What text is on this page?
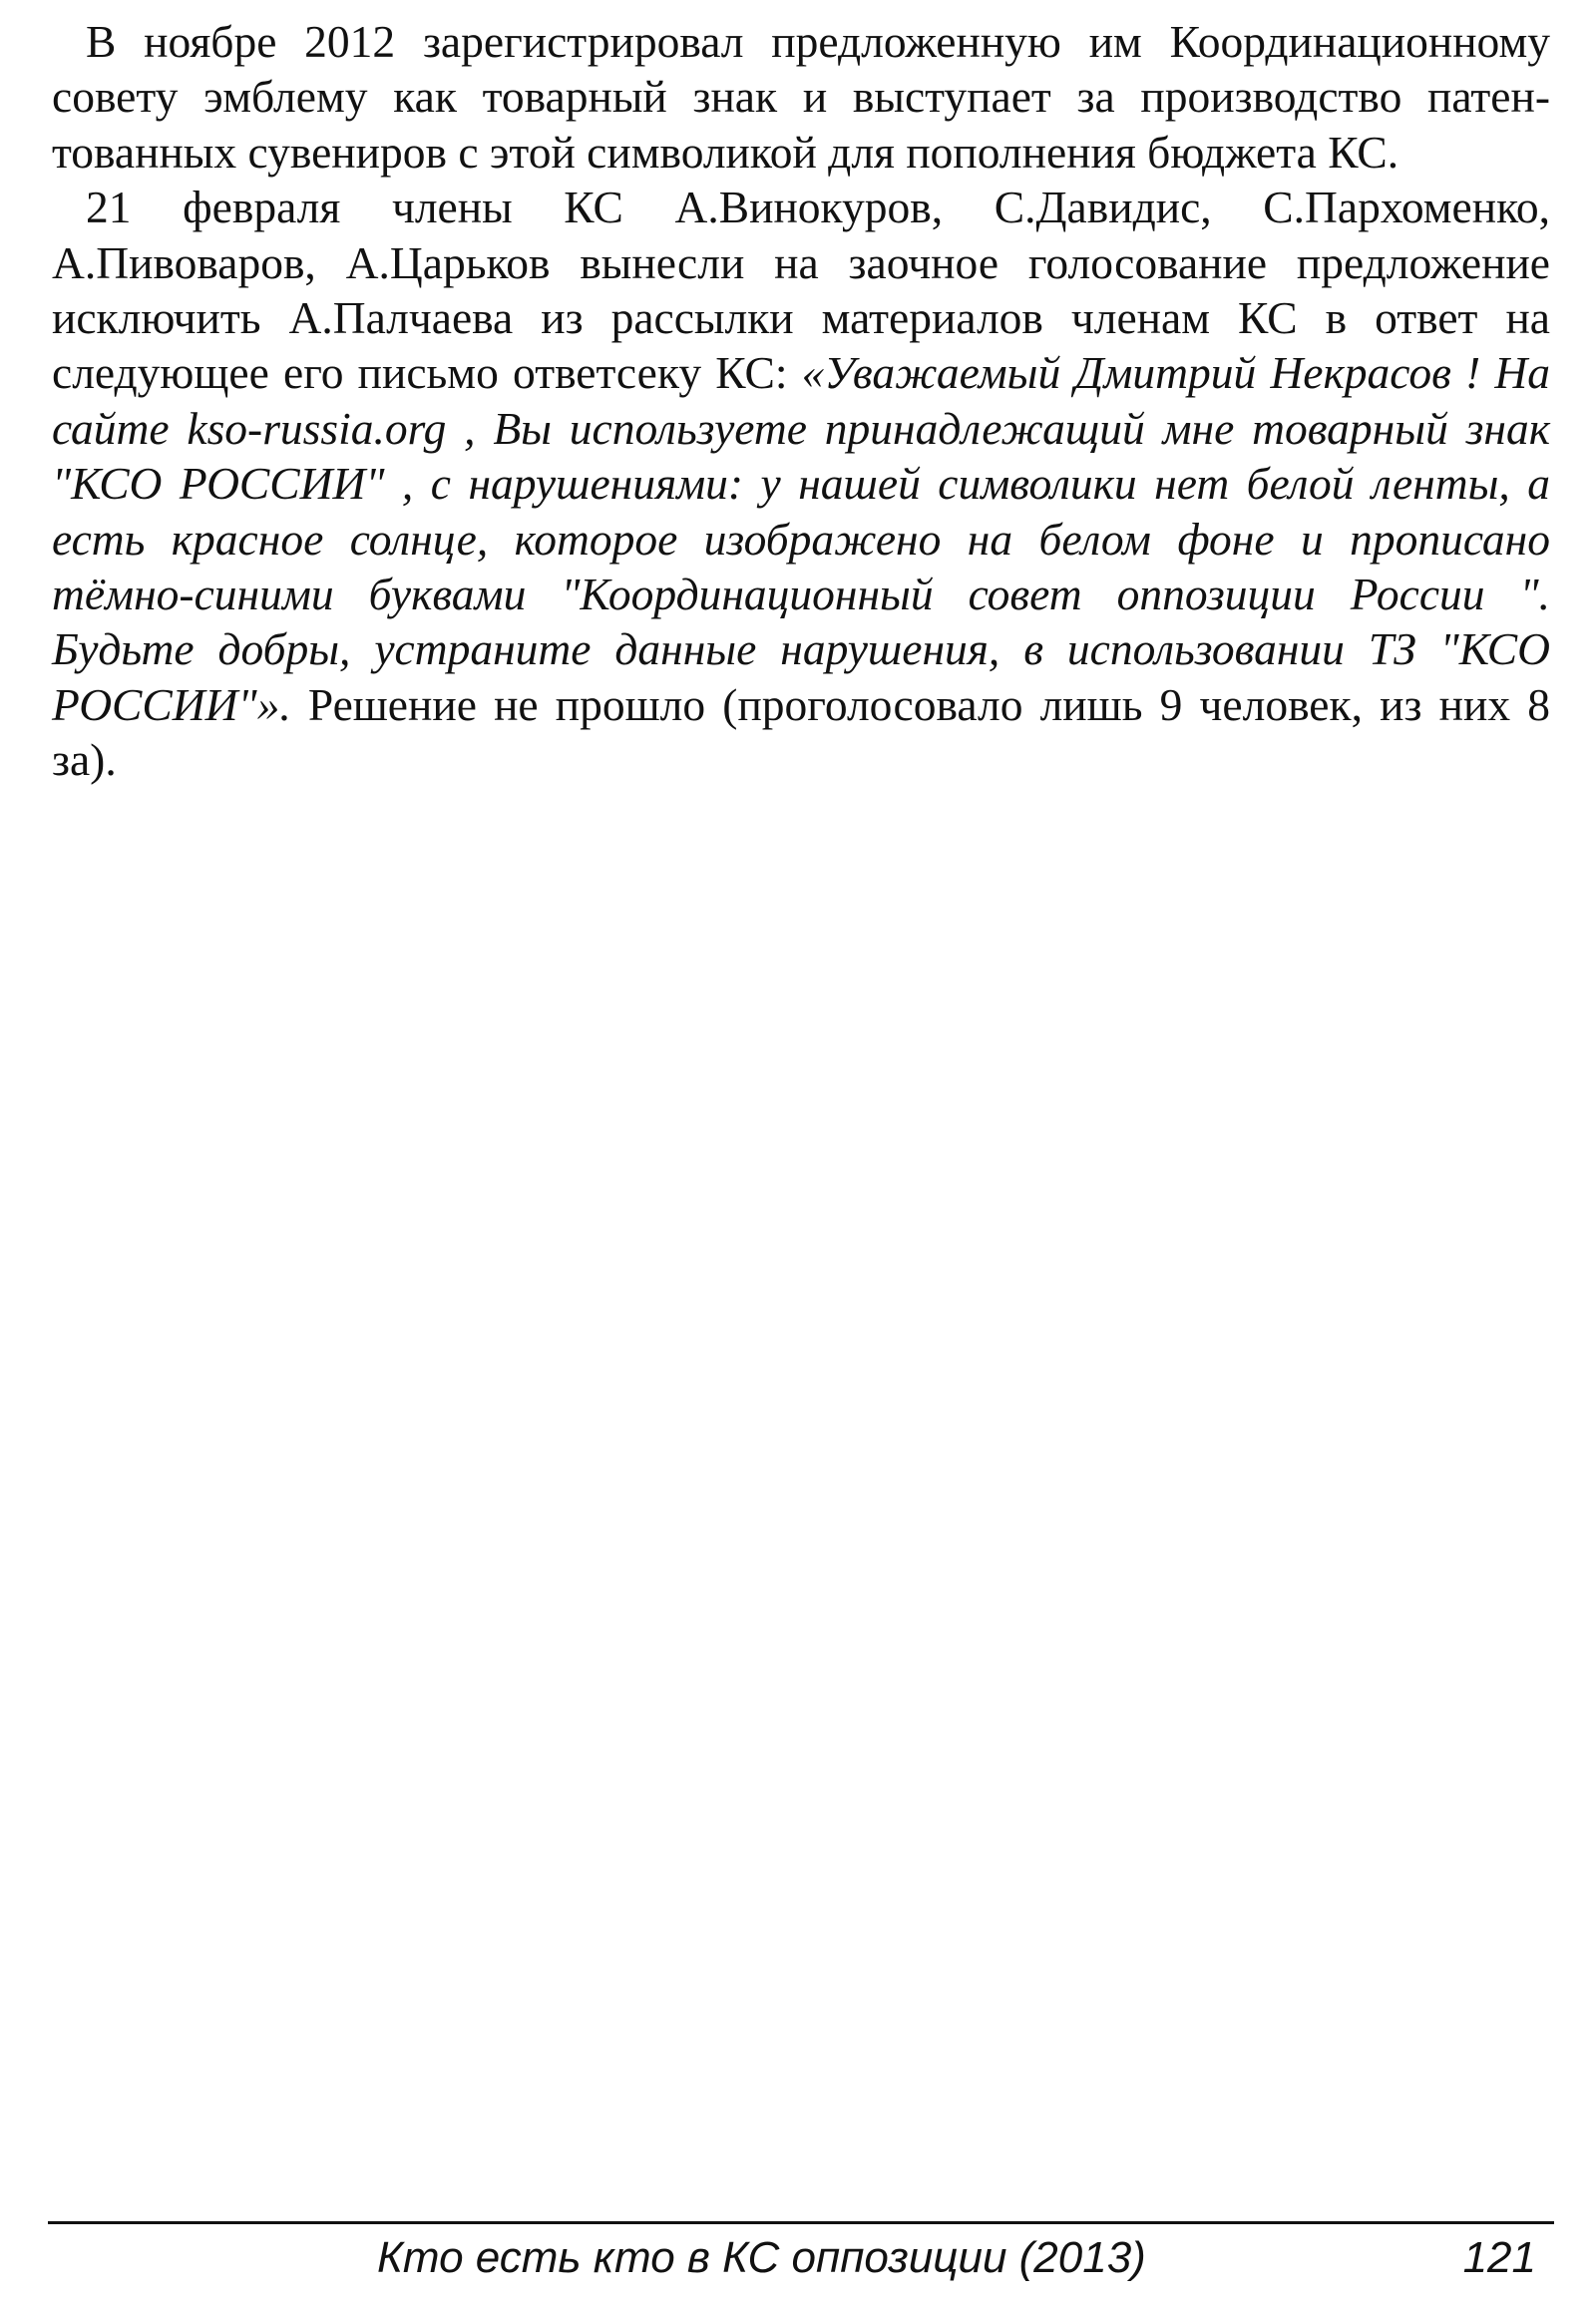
В ноябре 2012 зарегистрировал предложенную им Координационному совету эмблему как товарный знак и выступает за производство патентованных сувениров с этой символикой для пополнения бюджета КС.

21 февраля члены КС А.Винокуров, С.Давидис, С.Пархоменко, А.Пивоваров, А.Царьков вынесли на заочное голосование предложение исключить А.Палчаева из рассылки материалов членам КС в ответ на следующее его письмо ответсеку КС: «Уважаемый Дмитрий Некрасов ! На сайте kso-russia.org , Вы используете принадлежащий мне товарный знак "КСО РОССИИ" , с нарушениями: у нашей символики нет белой ленты, а есть красное солнце, которое изображено на белом фоне и прописано тёмно-синими буквами "Координационный совет оппозиции России ". Будьте добры, устраните данные нарушения, в использовании ТЗ "КСО РОССИИ"». Решение не прошло (проголосовало лишь 9 человек, из них 8 за).

Кто есть кто в КС оппозиции (2013)	121
